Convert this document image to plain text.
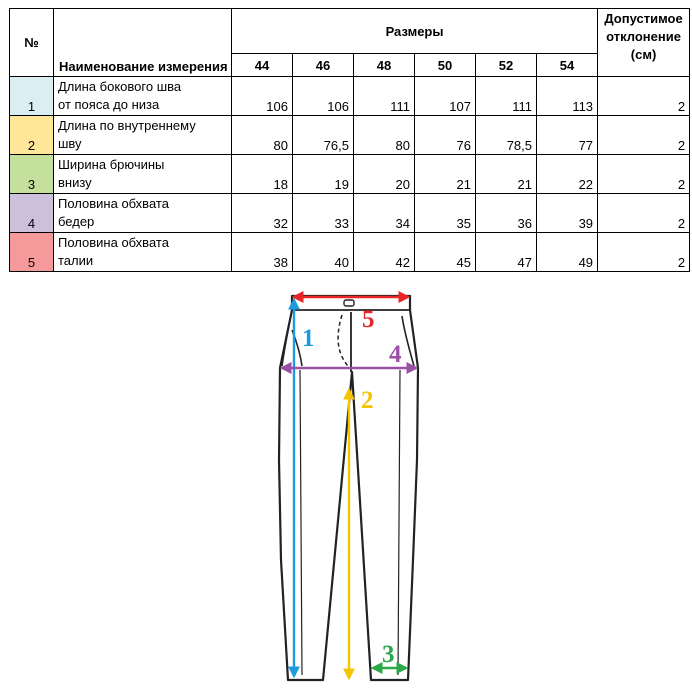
№	Наименование измерения	Размеры						Допустимое
отклонение
(см)

		44	46	48	50	52	54	
1	Длина бокового шва
от пояса до низа	106	106	111	107	111	113	2
2	Длина по внутреннему
шву	80	76,5	80	76	78,5	77	2
3	Ширина брючины
внизу	18	19	20	21	21	22	2
4	Половина обхвата
бедер	32	33	34	35	36	39	2
5	Половина обхвата
талии	38	40	42	45	47	49	2
1
2
3
4
5
